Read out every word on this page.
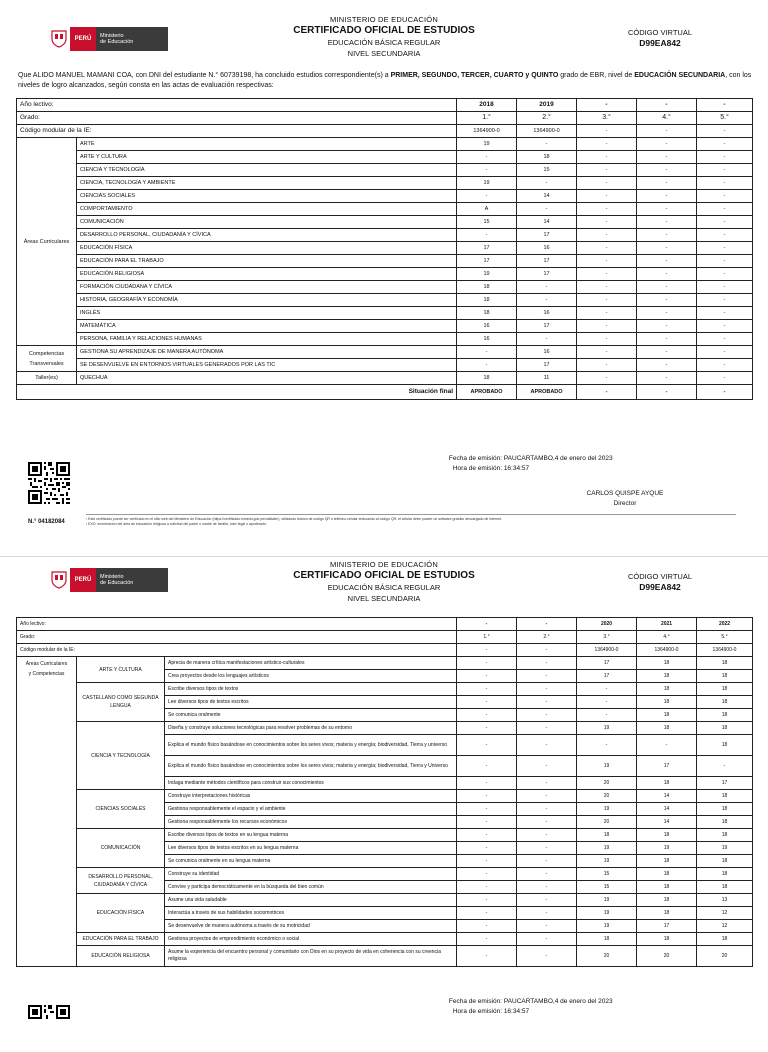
PERÚ	Ministerio
de Educación
MINISTERIO DE EDUCACIÓN
CERTIFICADO OFICIAL DE ESTUDIOS
EDUCACIÓN BÁSICA REGULAR
NIVEL SECUNDARIA
CÓDIGO VIRTUAL
D99EA842
Que ALIDO MANUEL MAMANI COA, con DNI del estudiante N.° 60739198, ha concluido estudios correspondiente(s) a PRIMER, SEGUNDO, TERCER, CUARTO y QUINTO grado de EBR, nivel de EDUCACIÓN SECUNDARIA, con los niveles de logro alcanzados, según consta en las actas de evaluación respectivas:
Año lectivo:		2018	2019	-	-	-
Grado:		1.°	2.°	3.°	4.°	5.°
Código modular de la IE:		1364900-0	1364900-0	-	-	-

Áreas Curriculares	ARTE	19	-	-	-	-
	ARTE Y CULTURA	-	18	-	-	-
	CIENCIA Y TECNOLOGÍA	-	15	-	-	-
	CIENCIA, TECNOLOGÍA Y AMBIENTE	19	-	-	-	-
	CIENCIAS SOCIALES	-	14	-	-	-
	COMPORTAMIENTO	A	-	-	-	-
	COMUNICACIÓN	15	14	-	-	-
	DESARROLLO PERSONAL, CIUDADANÍA Y CÍVICA	-	17	-	-	-
	EDUCACIÓN FÍSICA	17	16	-	-	-
	EDUCACIÓN PARA EL TRABAJO	17	17	-	-	-
	EDUCACIÓN RELIGIOSA	19	17	-	-	-
	FORMACIÓN CIUDADANA Y CÍVICA	18	-	-	-	-
	HISTORIA, GEOGRAFÍA Y ECONOMÍA	18	-	-	-	-
	INGLÉS	18	16	-	-	-
	MATEMÁTICA	16	17	-	-	-
	PERSONA, FAMILIA Y RELACIONES HUMANAS	16	-	-	-	-

Competencias
Transversales	GESTIONA SU APRENDIZAJE DE MANERA AUTÓNOMA	-	16	-	-	-
	SE DESENVUELVE EN ENTORNOS VIRTUALES GENERADOS POR LAS TIC	-	17	-	-	-

Taller(es)	QUECHUA	18	11	-	-	-
Situación final		APROBADO	APROBADO	-	-	-
Fecha de emisión: PAUCARTAMBO,4 de enero del 2023
Hora de emisión: 16:34:57
N.° 04182084
CARLOS QUISPE AYQUE
Director
¹ Este certificado puede ser verificado en el sitio web del Ministerio de Educación (https://certificado.minedu.gob.pe/validate/), utilizando lectora de código QR o teléfono celular enfocando al código QR. el celular debe poseer un software gratuito descargado de internet.
² EXO: exoneración del área de educación religiosa a solicitud del padre o madre de familia, tutor legal o apoderado.
PERÚ	Ministerio
de Educación
MINISTERIO DE EDUCACIÓN
CERTIFICADO OFICIAL DE ESTUDIOS
EDUCACIÓN BÁSICA REGULAR
NIVEL SECUNDARIA
CÓDIGO VIRTUAL
D99EA842
Año lectivo:			-	-	2020	2021	2022
Grado:			1.°	2.°	3.°	4.°	5.°
Código modular de la IE:			-	-	1364900-0	1364900-0	1364900-0

Áreas Curriculares
y Competencias	ARTE Y CULTURA	Aprecia de manera crítica manifestaciones artístico-culturales	-	-	17	18	18
		Crea proyectos desde los lenguajes artísticos	-	-	17	18	18
	CASTELLANO COMO SEGUNDA LENGUA	Escribe diversos tipos de textos	-	-	-	18	18
		Lee diversos tipos de textos escritos	-	-	-	18	18
		Se comunica oralmente	-	-	-	18	18
	CIENCIA Y TECNOLOGÍA	Diseña y construye soluciones tecnológicas para resolver problemas de su entorno	-	-	19	18	18
		Explica el mundo físico basándose en conocimientos sobre los seres vivos; materia y energía; biodiversidad, Tierra y universo	-	-	-	-	18
		Explica el mundo físico basándose en conocimientos sobre los seres vivos; materia y energía; biodiversidad, Tierra y Universo	-	-	19	17	-
		Indaga mediante métodos científicos para construir sus conocimientos	-	-	20	18	17
	CIENCIAS SOCIALES	Construye interpretaciones históricas	-	-	20	14	18
		Gestiona responsablemente el espacio y el ambiente	-	-	19	14	18
		Gestiona responsablemente los recursos económicos	-	-	20	14	18
	COMUNICACIÓN	Escribe diversos tipos de textos en su lengua materna	-	-	18	18	18
		Lee diversos tipos de textos escritos en su lengua materna	-	-	19	19	19
		Se comunica oralmente en su lengua materna	-	-	19	18	18
	DESARROLLO PERSONAL, CIUDADANÍA Y CÍVICA	Construye su identidad	-	-	15	18	18
		Convive y participa democráticamente en la búsqueda del bien común	-	-	15	18	18
	EDUCACIÓN FÍSICA	Asume una vida saludable	-	-	19	18	13
		Interactúa a través de sus habilidades sociomotrices	-	-	19	18	12
		Se desenvuelve de manera autónoma a través de su motricidad	-	-	19	17	12
	EDUCACIÓN PARA EL TRABAJO	Gestiona proyectos de emprendimiento económico o social	-	-	18	18	18
	EDUCACIÓN RELIGIOSA	Asume la experiencia del encuentro personal y comunitario con Dios en su proyecto de vida en coherencia con su creencia religiosa	-	-	20	20	20
Fecha de emisión: PAUCARTAMBO,4 de enero del 2023
Hora de emisión: 16:34:57
